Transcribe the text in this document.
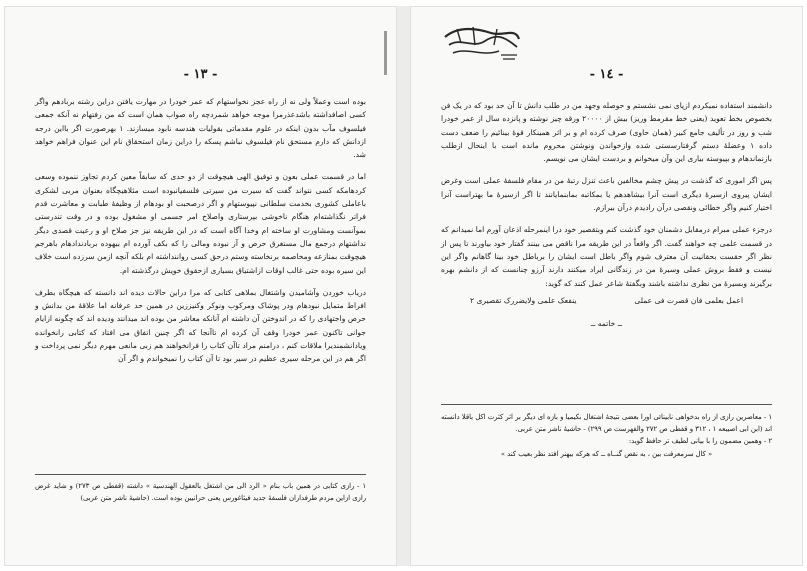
- ١٣ -

بوده است وعملاً ولی نه از راه عجز نخواستهام که عمر خودرا در مهارت یافتن دراین رشته بربادهم واگر کسی اصافداشته باشدعذرمرا موجه خواهد شمردچه راه صواب همان است که من رفتهام نه آنکه جمعی فیلسوف مآب بدون اینکه در علوم مقدماتی بقولیات هندسه نابود میسازند. ١ بهرصورت اگر بااین درجه ازدانش که دارم مستحق نام فیلسوف نباشم پسکه را دراین زمان استحقاق نام این عنوان فراهم خواهد شد.

اما در قسمت عملی بعون و توفیق الهی هیچوقت از دو حدی که سابقاً معین کردم تجاوز ننموده وسعی کردهامکه کسی نتواند گفت که سیرت من سیرتی فلسفیانبوده است مثلاهیچگاه بعنوان مربی لشکری باعاملی کشوری بخدمت سلطانی نپیوستهام و اگر درصحبت او بودهام از وظیفهٔ طبابت و معاشرت قدم فراتر نگذاشته‌ام هنگام ناخوشی بپرستاری واصلاح امر جسمی او مشغول بوده و در وقت تندرستی بموآنست ومشاورت او ساخته ام وخدا آگاه است که در این طریقه نیز جز صلاح او و رعیت قصدی دیگر نداشتهام درجمع مال مستغرق حرص و آز نبوده ومالی را که بکف آورده ام بیهوده بربادندادهام باهرجم هیچوقت بمنازعه ومخاصمه برنخاسته وستم درحق کسی رواننداشته ام بلکه آنچه ازمن سرزده است خلاف این سیره بوده حتی غالب اوقات ازاشتیاق بسیاری ازحقوق خویش درگذشته ام.

دریاب خوردن وآشامیدن واشتغال بملاهی کتابی که مرا دراین حالات دیده اند دانسته که هیچگاه بطرف افراط متمایل نبودهام ودر پوشاک ومرکوب ونوکر وکنیززین در همین حد عرفانه اما علاقهٔ من بدانش و حرص واجتهادی را که در اندوختن آن داشته ام آنانکه معاشر من بوده اند میدانند ودیده اند که چگونه ازایام جوانی تاکنون عمر خودرا وقف آن کرده ام تاآنجا که اگر چنین اتفاق می افتاد که کتابی رانخوانده ویادانشمندیرا ملاقات کنم ، درامنم مراد تاآن کتاب را فرانخواهند هم زبی مانعی مهرم دیگر نمی پرداخت و اگر هم در این مرحله سیری عظیم در سیر بود تا آن کتاب را نمیخواندم و اگر آن

١ - رازی کتابی در همین باب بنام « الرد الی من اشتغل بالعقول الهندسیة » داشته (قفطی ص ٢٧٣) و شاید غرض رازی ازاین مردم طرفداران فلسفهٔ جدید فیثاغورس یعنی حرانیین بوده است. (حاشیهٔ ناشر متن عربی)

- ١٤ -

دانشمند استفاده نمیکردم ازپای نمی نشستم و حوصله وجهد من در طلب دانش تا آن حد بود که در یک فن بخصوص بخط تعوید (یعنی خط مقرمط وریز) بیش از ٢٠٠٠٠ ورقه چیز نوشته و پانزده سال از عمر خودرا شب و روز در تألیف جامع کبیر (همان حاوی) صرف کرده ام و بر اثر همینکار قوهٔ بینائیم را ضعف دست داده ١ وعضلهٔ دستم گرفتارسستی شده وازخواندن ونوشتن محروم مانده است با اینحال ازطلب بازنماندهام و بپیوسته بیاری این وآن میخوانم و بردست ایشان می نویسم.

پس اگر اموری که گذشت در پیش چشم مخالفین باعث تنزل رتبهٔ من در مقام فلسفهٔ عملی است وغرض ایشان پیروی ازسیرهٔ دیگری است آنرا بیشاهدهم یا بمکاتبه بمابنمایانند تا اگر ازسیرهٔ ما بهتراست آنرا اختیار کنیم واگر خطائی ونقصی درآن رادیدم درآن بیرازم.

درجزء عملی مبرام درمقابل دشمنان خود گذشت کنم وبتقصیر خود درا اینمرحله اذعان آورم اما نمیدانم که در قسمت علمی چه خواهند گفت. اگر واقعاً در این طریقه مرا ناقص می بینند گفتار خود بیاورند تا پس از نظر اگر حقست بحقانیت آن معترف شوم واگر باطل است ایشان را برباطل خود بینا گاهانم واگر این نیست و فقط بروش عملی وسیرهٔ من در زندگانی ایراد میکنند دارند آرزو چنانست که از دانشم بهره برگیرند وبسیرهٔ من نظری نداشته باشند وبگفتهٔ شاعر عمل کنند که گوید:

اعمل بعلمی فان قصرت فی عملی
ینفعک علمی ولایضررک تقصیری ٢
ــ خاتمه ــ

١ - معاصرین رازی از راه بدخواهی نابینائی اورا بعضی نتیجهٔ اشتغال بکیمیا و بازه ای دیگر بر اثر کثرت اکل باقلا دانسته اند (ابن ابی اصیبعه ١ ، ٣١٢ و قفطی ص ٢٧٢ والفهرست ص ٢٩٩) - حاشیهٔ ناشر متن عربی.

٢ - وهمین مضمون را با بیانی لطیف تر حافظ گوید:

« کال سرمعرفت بین ، به نقص گنــاه ــ که هرکه بیهنر افتد نظر بعیب کند »
